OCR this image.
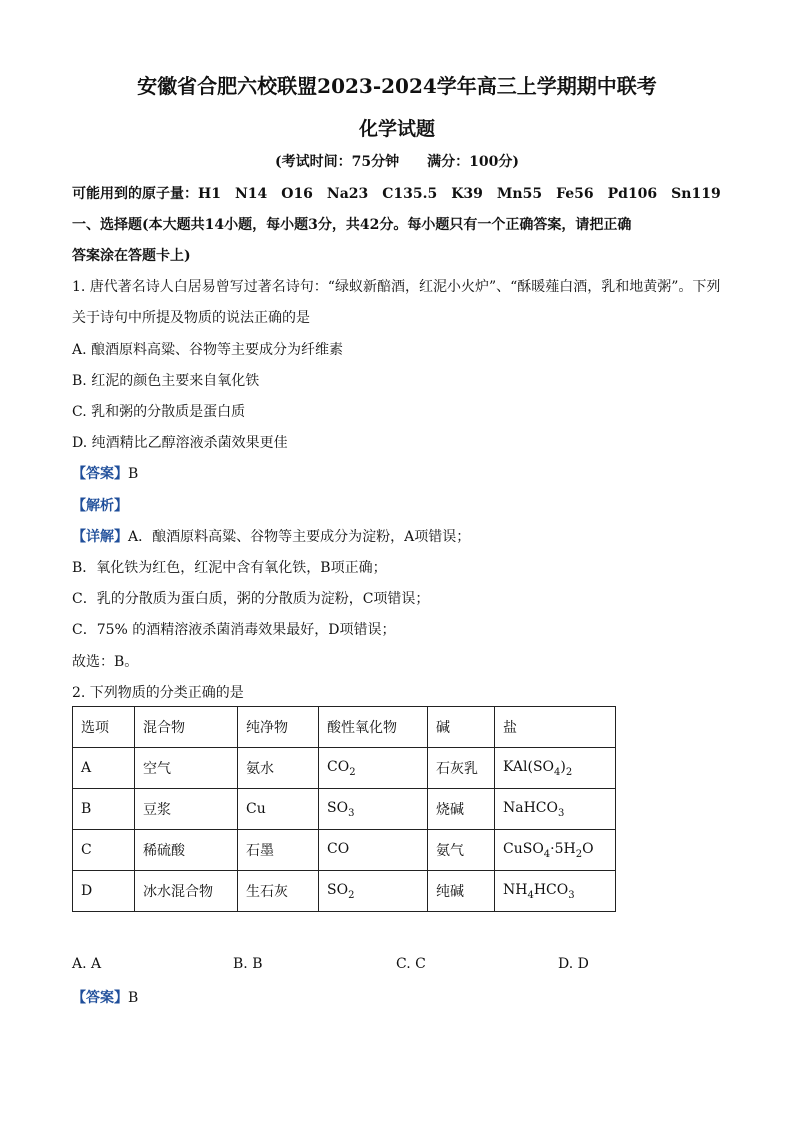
安徽省合肥六校联盟2023-2024学年高三上学期期中联考
化学试题
(考试时间：75分钟　　满分：100分)
可能用到的原子量：H1　N14　O16　Na23　C135.5　K39　Mn55　Fe56　Pd106　Sn119
一、选择题(本大题共14小题，每小题3分，共42分。每小题只有一个正确答案，请把正确
答案涂在答题卡上)
1. 唐代著名诗人白居易曾写过著名诗句：“绿蚁新醅酒，红泥小火炉”、“酥暖薤白酒，乳和地黄粥”。下列
关于诗句中所提及物质的说法正确的是
A. 酿酒原料高粱、谷物等主要成分为纤维素
B. 红泥的颜色主要来自氧化铁
C. 乳和粥的分散质是蛋白质
D. 纯酒精比乙醇溶液杀菌效果更佳
【答案】B
【解析】
【详解】A．酿酒原料高粱、谷物等主要成分为淀粉，A项错误；
B．氧化铁为红色，红泥中含有氧化铁，B项正确；
C．乳的分散质为蛋白质，粥的分散质为淀粉，C项错误；
C．75% 的酒精溶液杀菌消毒效果最好，D项错误；
故选：B。
2. 下列物质的分类正确的是
选项	混合物	纯净物	酸性氧化物	碱	盐
A	空气	氨水	$CO_2$	石灰乳	$KAl(SO_4)_2$
B	豆浆	Cu	$SO_3$	烧碱	NaHCO$_3$
C	稀硫酸	石墨	CO	氨气	$CuSO_4\cdot 5H_2O$
D	冰水混合物	生石灰	$SO_2$	纯碱	$NH_4HCO_3$
A. A	B. B	C. C	D. D
【答案】B
